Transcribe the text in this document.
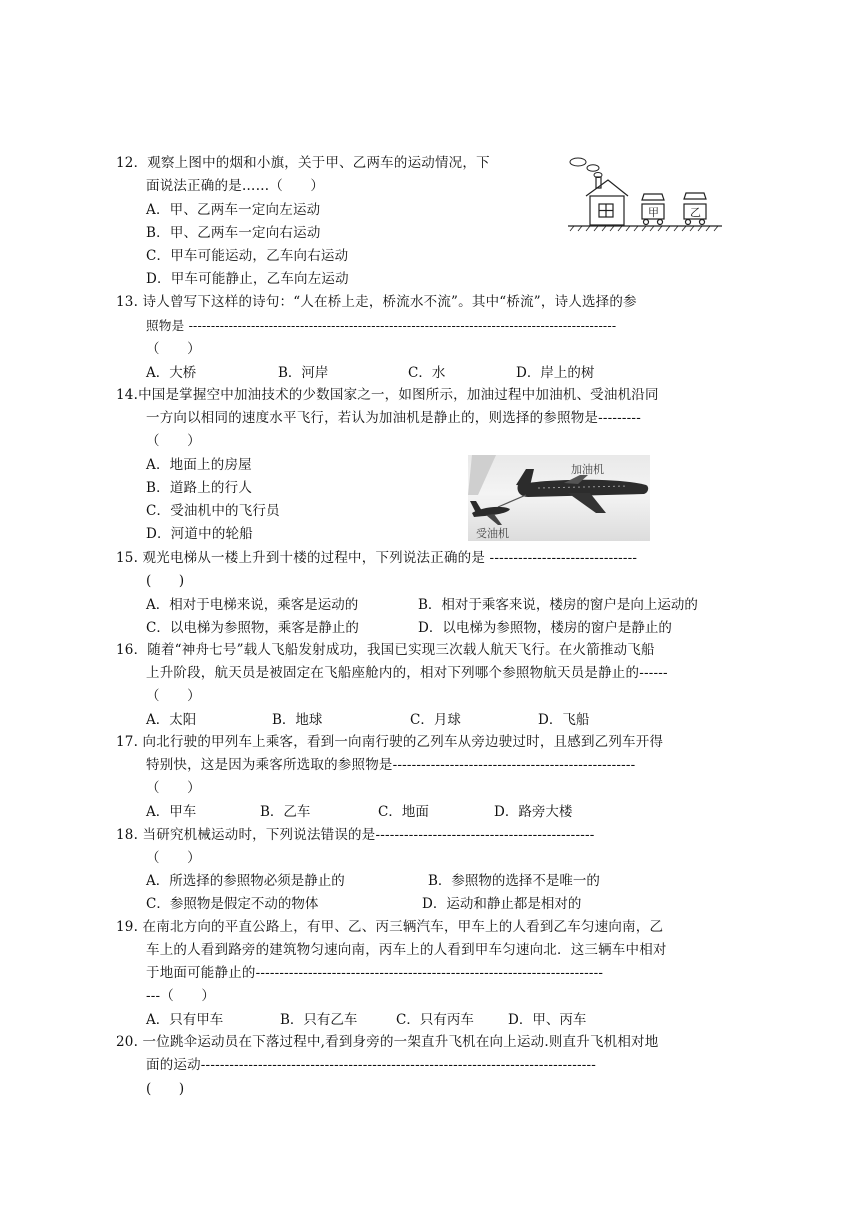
12．观察上图中的烟和小旗，关于甲、乙两车的运动情况，下
面说法正确的是……（　　）
A．甲、乙两车一定向左运动
B．甲、乙两车一定向右运动
C．甲车可能运动，乙车向右运动
D．甲车可能静止，乙车向左运动
甲	乙
13. 诗人曾写下这样的诗句：“人在桥上走，桥流水不流”。其中“桥流”，诗人选择的参
照物是 ------------------------------------------------------------------------------------------------
（　　）
A．大桥	B．河岸	C．水	D．岸上的树
14.中国是掌握空中加油技术的少数国家之一，如图所示，加油过程中加油机、受油机沿同
一方向以相同的速度水平飞行，若认为加油机是静止的，则选择的参照物是---------
（　　）
A．地面上的房屋
B．道路上的行人
C．受油机中的飞行员
D．河道中的轮船
加油机
受油机
15. 观光电梯从一楼上升到十楼的过程中，下列说法正确的是 -------------------------------
(　　)
A．相对于电梯来说，乘客是运动的	B．相对于乘客来说，楼房的窗户是向上运动的
C．以电梯为参照物，乘客是静止的	D．以电梯为参照物，楼房的窗户是静止的
16．随着“神舟七号”载人飞船发射成功，我国已实现三次载人航天飞行。在火箭推动飞船
上升阶段，航天员是被固定在飞船座舱内的，相对下列哪个参照物航天员是静止的------
（　　）
A．太阳	B．地球	C．月球	D．飞船
17. 向北行驶的甲列车上乘客，看到一向南行驶的乙列车从旁边驶过时，且感到乙列车开得
特别快，这是因为乘客所选取的参照物是---------------------------------------------------
（　　）
A．甲车	B．乙车	C．地面	D．路旁大楼
18. 当研究机械运动时，下列说法错误的是----------------------------------------------
（　　）
A．所选择的参照物必须是静止的	B．参照物的选择不是唯一的
C．参照物是假定不动的物体	D．运动和静止都是相对的
19. 在南北方向的平直公路上，有甲、乙、丙三辆汽车，甲车上的人看到乙车匀速向南，乙
车上的人看到路旁的建筑物匀速向南，丙车上的人看到甲车匀速向北．这三辆车中相对
于地面可能静止的-------------------------------------------------------------------------
---（　　）
A．只有甲车	B．只有乙车	C．只有丙车	D．甲、丙车
20. 一位跳伞运动员在下落过程中,看到身旁的一架直升飞机在向上运动.则直升飞机相对地
面的运动-----------------------------------------------------------------------------------
(　　)
